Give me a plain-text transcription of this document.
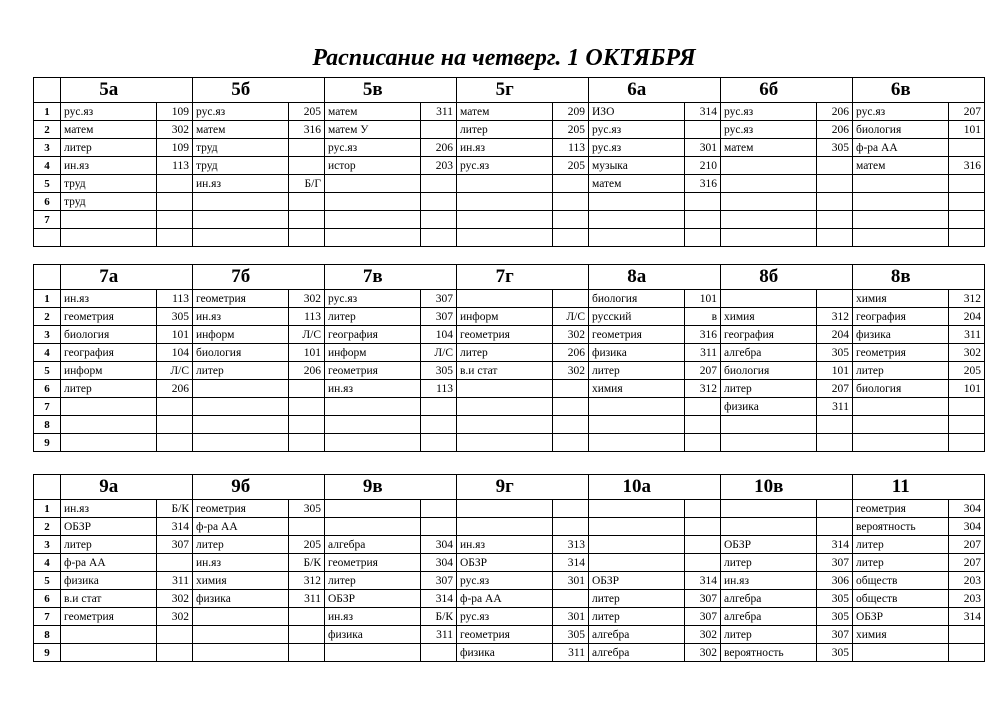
Расписание на четверг. 1 ОКТЯБРЯ
	5а		5б		5в		5г		6а		6б		6в	
1	рус.яз	109	рус.яз	205	матем	311	матем	209	ИЗО	314	рус.яз	206	рус.яз	207
2	матем	302	матем	316	матем У		литер	205	рус.яз		рус.яз	206	биология	101
3	литер	109	труд		рус.яз	206	ин.яз	113	рус.яз	301	матем	305	ф-ра АА	
4	ин.яз	113	труд		истор	203	рус.яз	205	музыка	210			матем	316
5	труд		ин.яз	Б/Г					матем	316				
6	труд													
7														

	7а		7б		7в		7г		8а		8б		8в	
1	ин.яз	113	геометрия	302	рус.яз	307			биология	101			химия	312
2	геометрия	305	ин.яз	113	литер	307	информ	Л/С	русский	в	химия	312	география	204
3	биология	101	информ	Л/С	география	104	геометрия	302	геометрия	316	география	204	физика	311
4	география	104	биология	101	информ	Л/С	литер	206	физика	311	алгебра	305	геометрия	302
5	информ	Л/С	литер	206	геометрия	305	в.и стат	302	литер	207	биология	101	литер	205
6	литер	206			ин.яз	113			химия	312	литер	207	биология	101
7											физика	311		
8														
9														
	9а		9б		9в		9г		10а		10в		11	
1	ин.яз	Б/К	геометрия	305									геометрия	304
2	ОБЗР	314	ф-ра АА										вероятность	304
3	литер	307	литер	205	алгебра	304	ин.яз	313			ОБЗР	314	литер	207
4	ф-ра АА		ин.яз	Б/К	геометрия	304	ОБЗР	314			литер	307	литер	207
5	физика	311	химия	312	литер	307	рус.яз	301	ОБЗР	314	ин.яз	306	обществ	203
6	в.и стат	302	физика	311	ОБЗР	314	ф-ра АА		литер	307	алгебра	305	обществ	203
7	геометрия	302			ин.яз	Б/К	рус.яз	301	литер	307	алгебра	305	ОБЗР	314
8					физика	311	геометрия	305	алгебра	302	литер	307	химия	
9							физика	311	алгебра	302	вероятность	305		
